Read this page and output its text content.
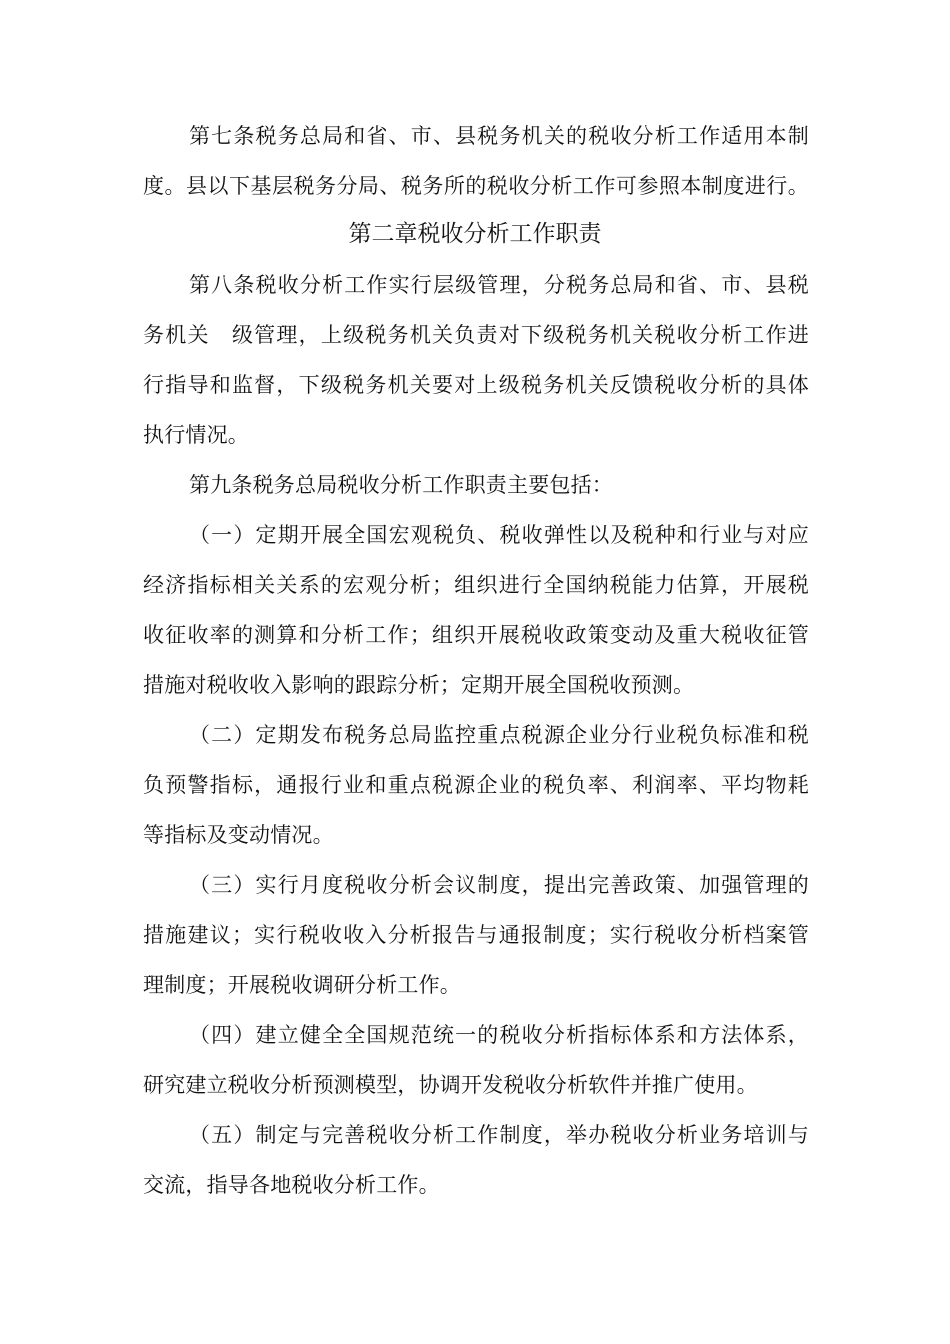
第七条税务总局和省、市、县税务机关的税收分析工作适用本制
度。县以下基层税务分局、税务所的税收分析工作可参照本制度进行。
第二章税收分析工作职责
第八条税收分析工作实行层级管理，分税务总局和省、市、县税
务机关　级管理，上级税务机关负责对下级税务机关税收分析工作进
行指导和监督，下级税务机关要对上级税务机关反馈税收分析的具体
执行情况。
第九条税务总局税收分析工作职责主要包括：
（一）定期开展全国宏观税负、税收弹性以及税种和行业与对应
经济指标相关关系的宏观分析；组织进行全国纳税能力估算，开展税
收征收率的测算和分析工作；组织开展税收政策变动及重大税收征管
措施对税收收入影响的跟踪分析；定期开展全国税收预测。
（二）定期发布税务总局监控重点税源企业分行业税负标准和税
负预警指标，通报行业和重点税源企业的税负率、利润率、平均物耗
等指标及变动情况。
（三）实行月度税收分析会议制度，提出完善政策、加强管理的
措施建议；实行税收收入分析报告与通报制度；实行税收分析档案管
理制度；开展税收调研分析工作。
（四）建立健全全国规范统一的税收分析指标体系和方法体系，
研究建立税收分析预测模型，协调开发税收分析软件并推广使用。
（五）制定与完善税收分析工作制度，举办税收分析业务培训与
交流，指导各地税收分析工作。
